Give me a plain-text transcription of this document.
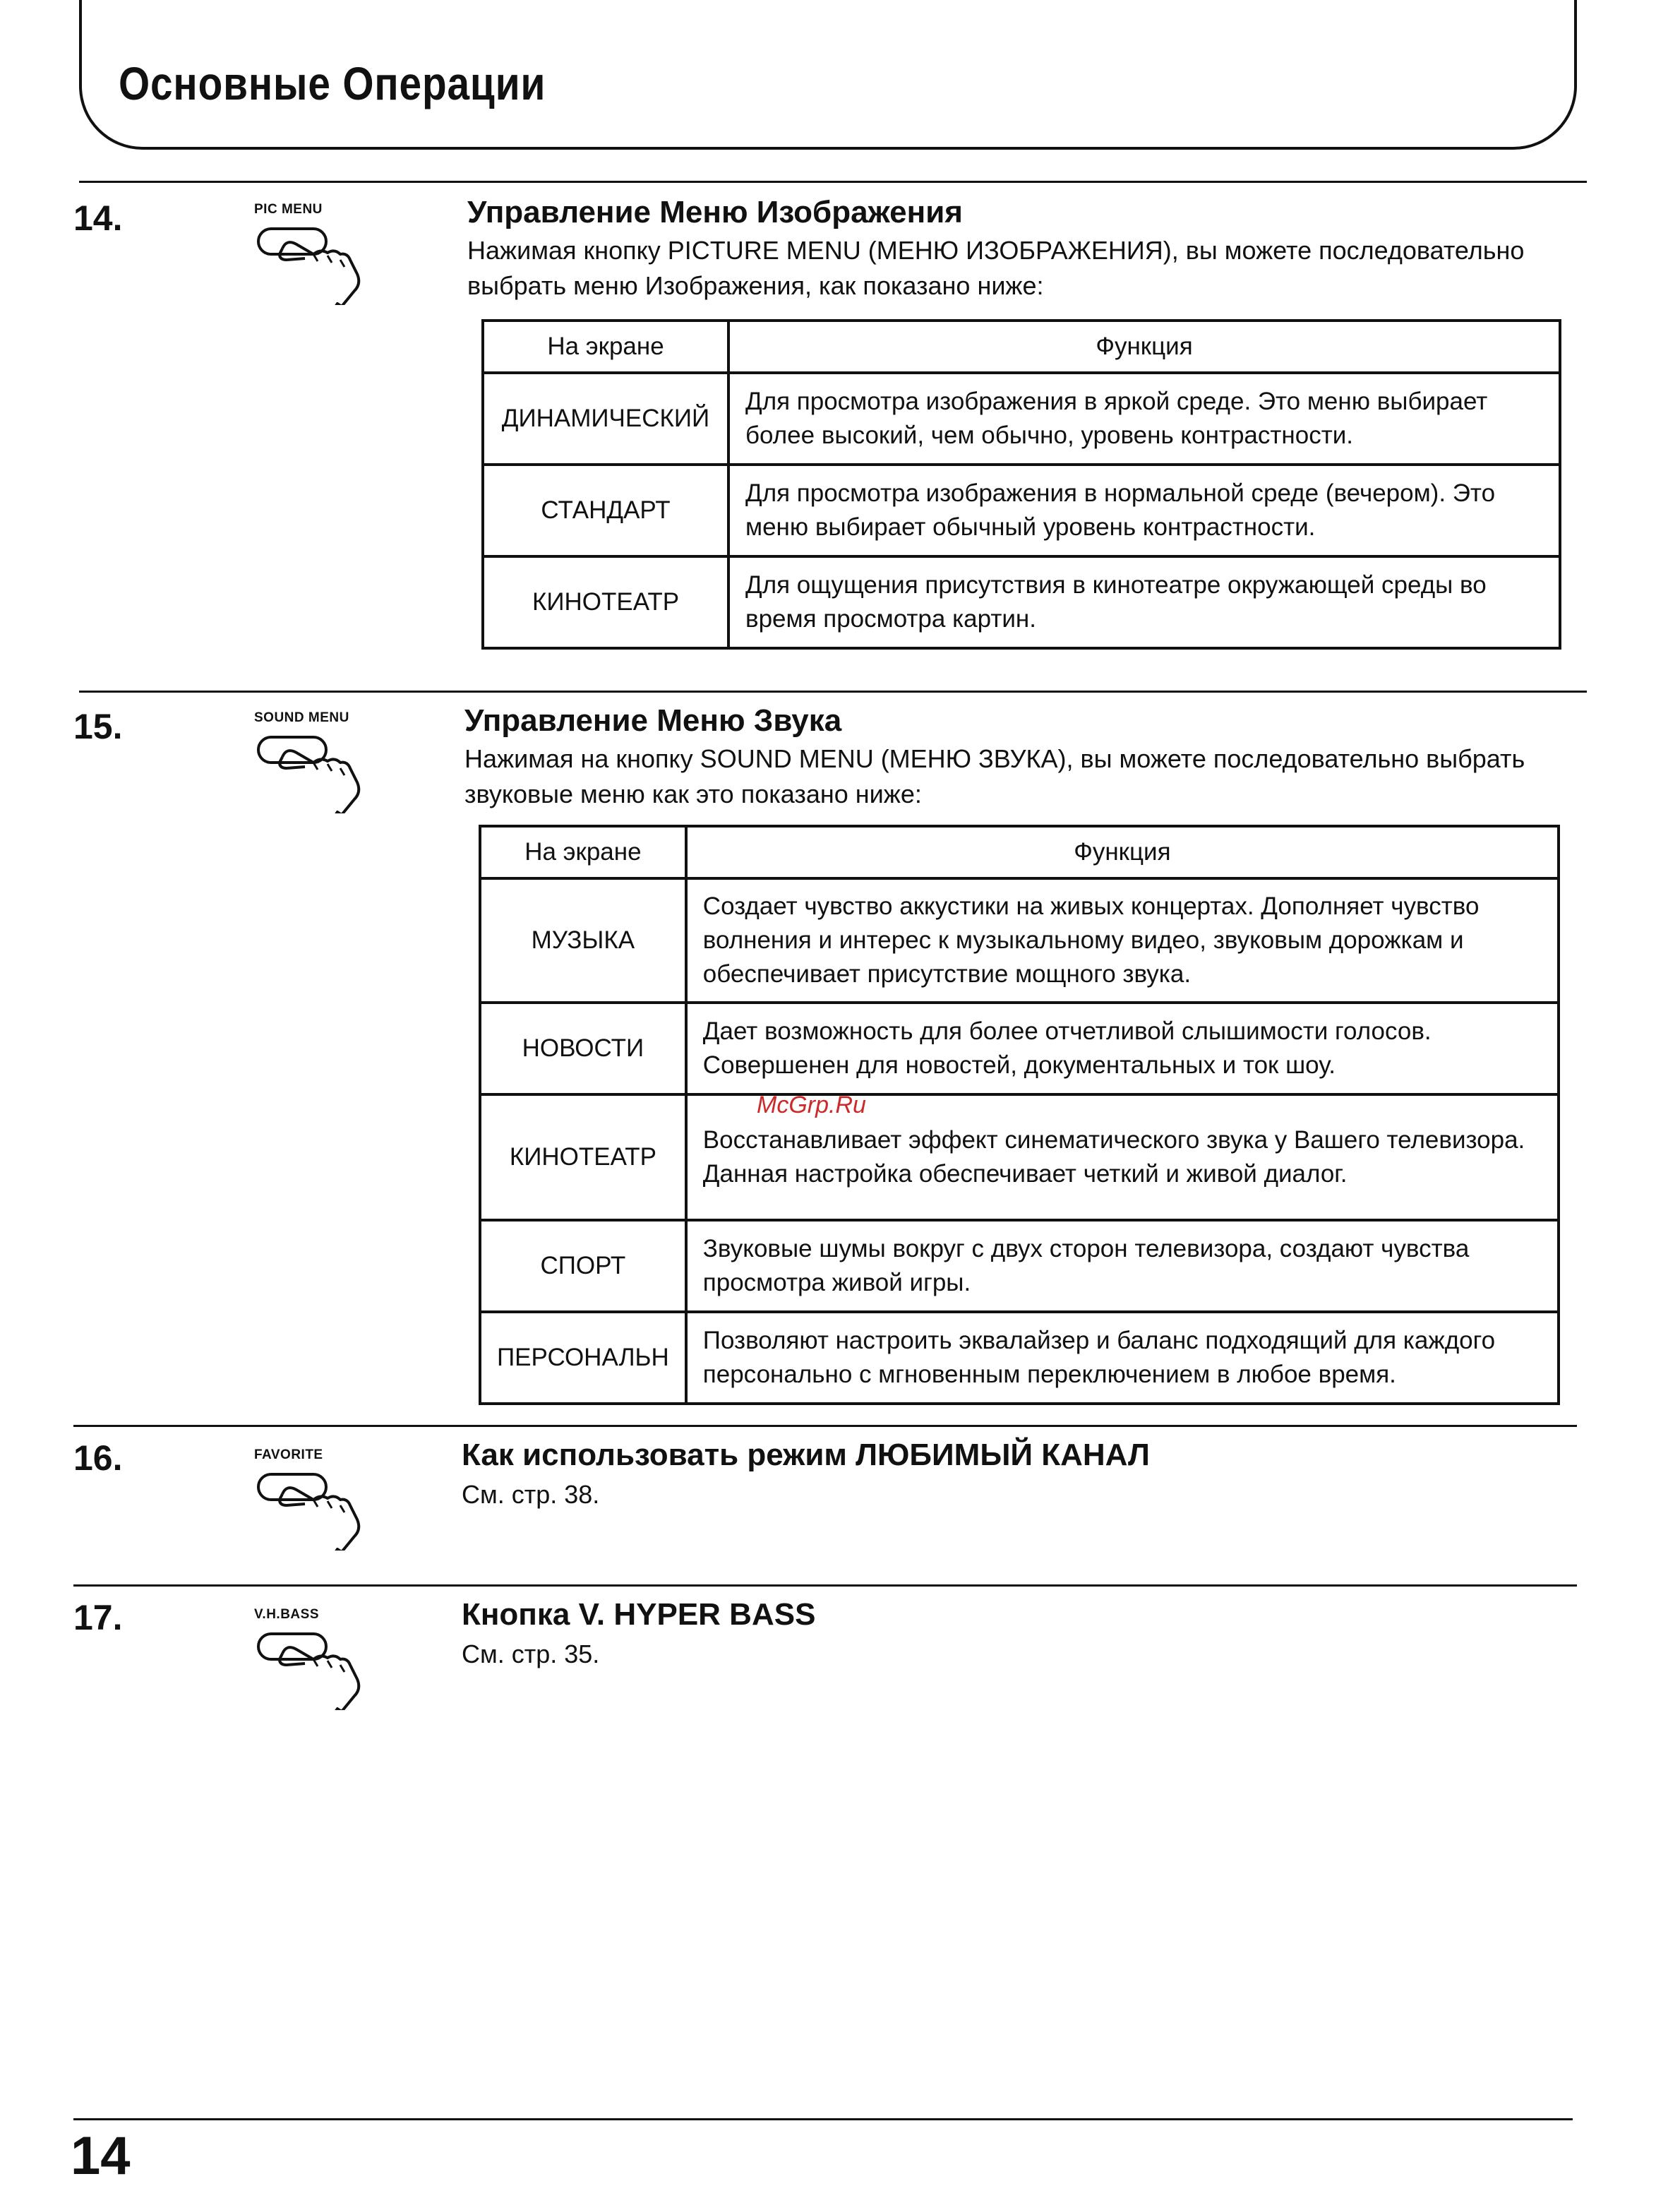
Основные Операции
14.	PIC MENU	Управление Меню Изображения
Нажимая кнопку PICTURE MENU (МЕНЮ ИЗОБРАЖЕНИЯ), вы можете последовательно выбрать меню Изображения, как показано ниже:
На экране	Функция
ДИНАМИЧЕСКИЙ	Для просмотра изображения в яркой среде. Это меню выбирает более высокий, чем обычно, уровень контрастности.
СТАНДАРТ	Для просмотра изображения в нормальной среде (вечером). Это меню выбирает обычный уровень контрастности.
КИНОТЕАТР	Для ощущения присутствия в кинотеатре окружающей среды во время просмотра картин.
15.	SOUND MENU	Управление Меню Звука
Нажимая на кнопку SOUND MENU (МЕНЮ ЗВУКА), вы можете последовательно выбрать звуковые меню как это показано ниже:
На экране	Функция
МУЗЫКА	Создает чувство аккустики на живых концертах. Дополняет чувство волнения и интерес к музыкальному видео, звуковым дорожкам и обеспечивает присутствие мощного звука.
НОВОСТИ	Дает возможность для более отчетливой слышимости голосов. Совершенен для новостей, документальных и ток шоу.
КИНОТЕАТР	Восстанавливает эффект синематического звука у Вашего телевизора. Данная настройка обеспечивает четкий и живой диалог.
СПОРТ	Звуковые шумы вокруг с двух сторон телевизора, создают чувства просмотра живой игры.
ПЕРСОНАЛЬН	Позволяют настроить эквалайзер и баланс подходящий для каждого персонально с мгновенным переключением в любое время.
McGrp.Ru
16.	FAVORITE	Как использовать режим ЛЮБИМЫЙ КАНАЛ
См. стр. 38.
17.	V.H.BASS	Кнопка V. HYPER BASS
См. стр. 35.
14
